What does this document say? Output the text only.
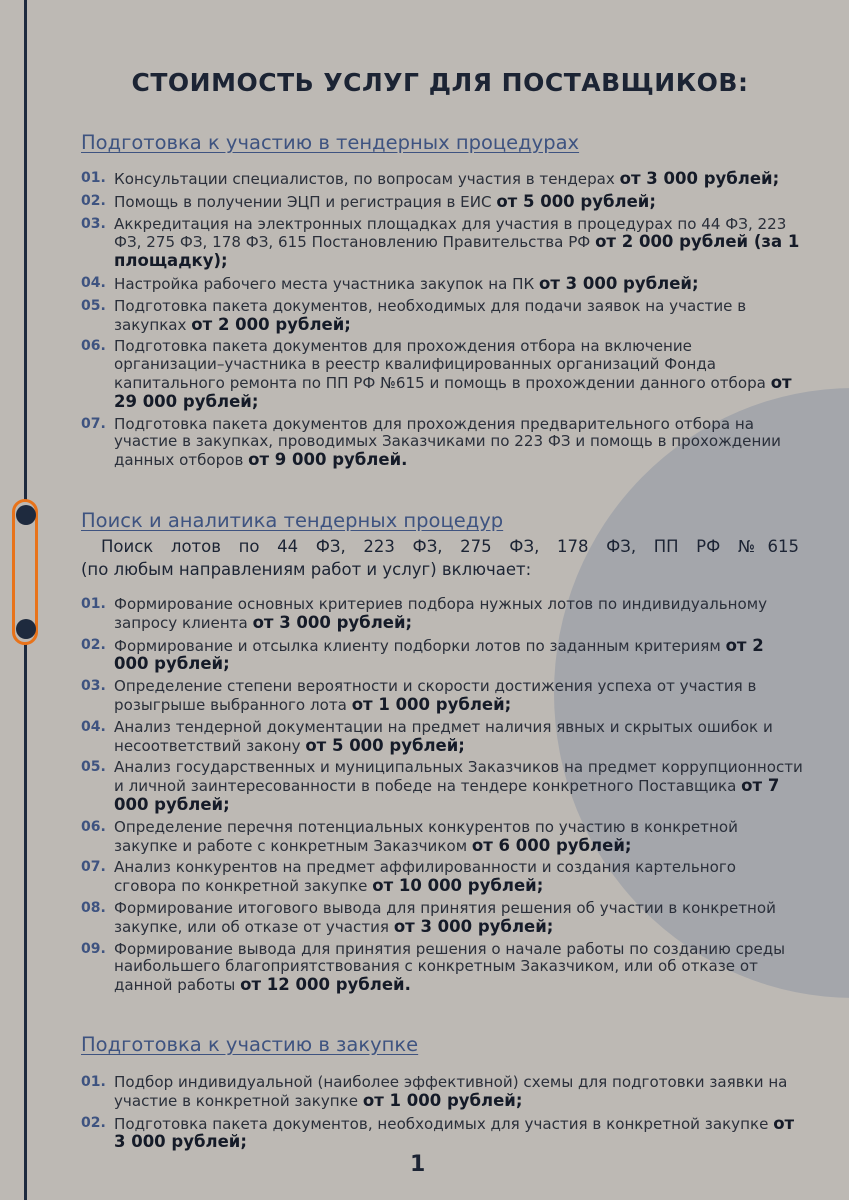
СТОИМОСТЬ УСЛУГ ДЛЯ ПОСТАВЩИКОВ:
Подготовка к участию в тендерных процедурах
01. Консультации специалистов, по вопросам участия в тендерах от 3 000 рублей;
02. Помощь в получении ЭЦП и регистрация в ЕИС от 5 000 рублей;
03. Аккредитация на электронных площадках для участия в процедурах по 44 ФЗ, 223 ФЗ, 275 ФЗ, 178 ФЗ, 615 Постановлению Правительства РФ от 2 000 рублей (за 1 площадку);
04. Настройка рабочего места участника закупок на ПК от 3 000 рублей;
05. Подготовка пакета документов, необходимых для подачи заявок на участие в закупках от 2 000 рублей;
06. Подготовка пакета документов для прохождения отбора на включение организации–участника в реестр квалифицированных организаций Фонда капитального ремонта по ПП РФ №615 и помощь в прохождении данного отбора от 29 000 рублей;
07. Подготовка пакета документов для прохождения предварительного отбора на участие в закупках, проводимых Заказчиками по 223 ФЗ и помощь в прохождении данных отборов от 9 000 рублей.
Поиск и аналитика тендерных процедур

Поиск лотов по 44 ФЗ, 223 ФЗ, 275 ФЗ, 178 ФЗ, ПП РФ №615
(по любым направлениям работ и услуг) включает:

01. Формирование основных критериев подбора нужных лотов по индивидуальному запросу клиента от 3 000 рублей;
02. Формирование и отсылка клиенту подборки лотов по заданным критериям от 2 000 рублей;
03. Определение степени вероятности и скорости достижения успеха от участия в розыгрыше выбранного лота от 1 000 рублей;
04. Анализ тендерной документации на предмет наличия явных и скрытых ошибок и несоответствий закону от 5 000 рублей;
05. Анализ государственных и муниципальных Заказчиков на предмет коррупционности и личной заинтересованности в победе на тендере конкретного Поставщика от 7 000 рублей;
06. Определение перечня потенциальных конкурентов по участию в конкретной закупке и работе с конкретным Заказчиком от 6 000 рублей;
07. Анализ конкурентов на предмет аффилированности и создания картельного сговора по конкретной закупке от 10 000 рублей;
08. Формирование итогового вывода для принятия решения об участии в конкретной закупке, или об отказе от участия от 3 000 рублей;
09. Формирование вывода для принятия решения о начале работы по созданию среды наибольшего благоприятствования с конкретным Заказчиком, или об отказе от данной работы от 12 000 рублей.
Подготовка к участию в закупке
01. Подбор индивидуальной (наиболее эффективной) схемы для подготовки заявки на участие в конкретной закупке от 1 000 рублей;
02. Подготовка пакета документов, необходимых для участия в конкретной закупке от 3 000 рублей;
1
